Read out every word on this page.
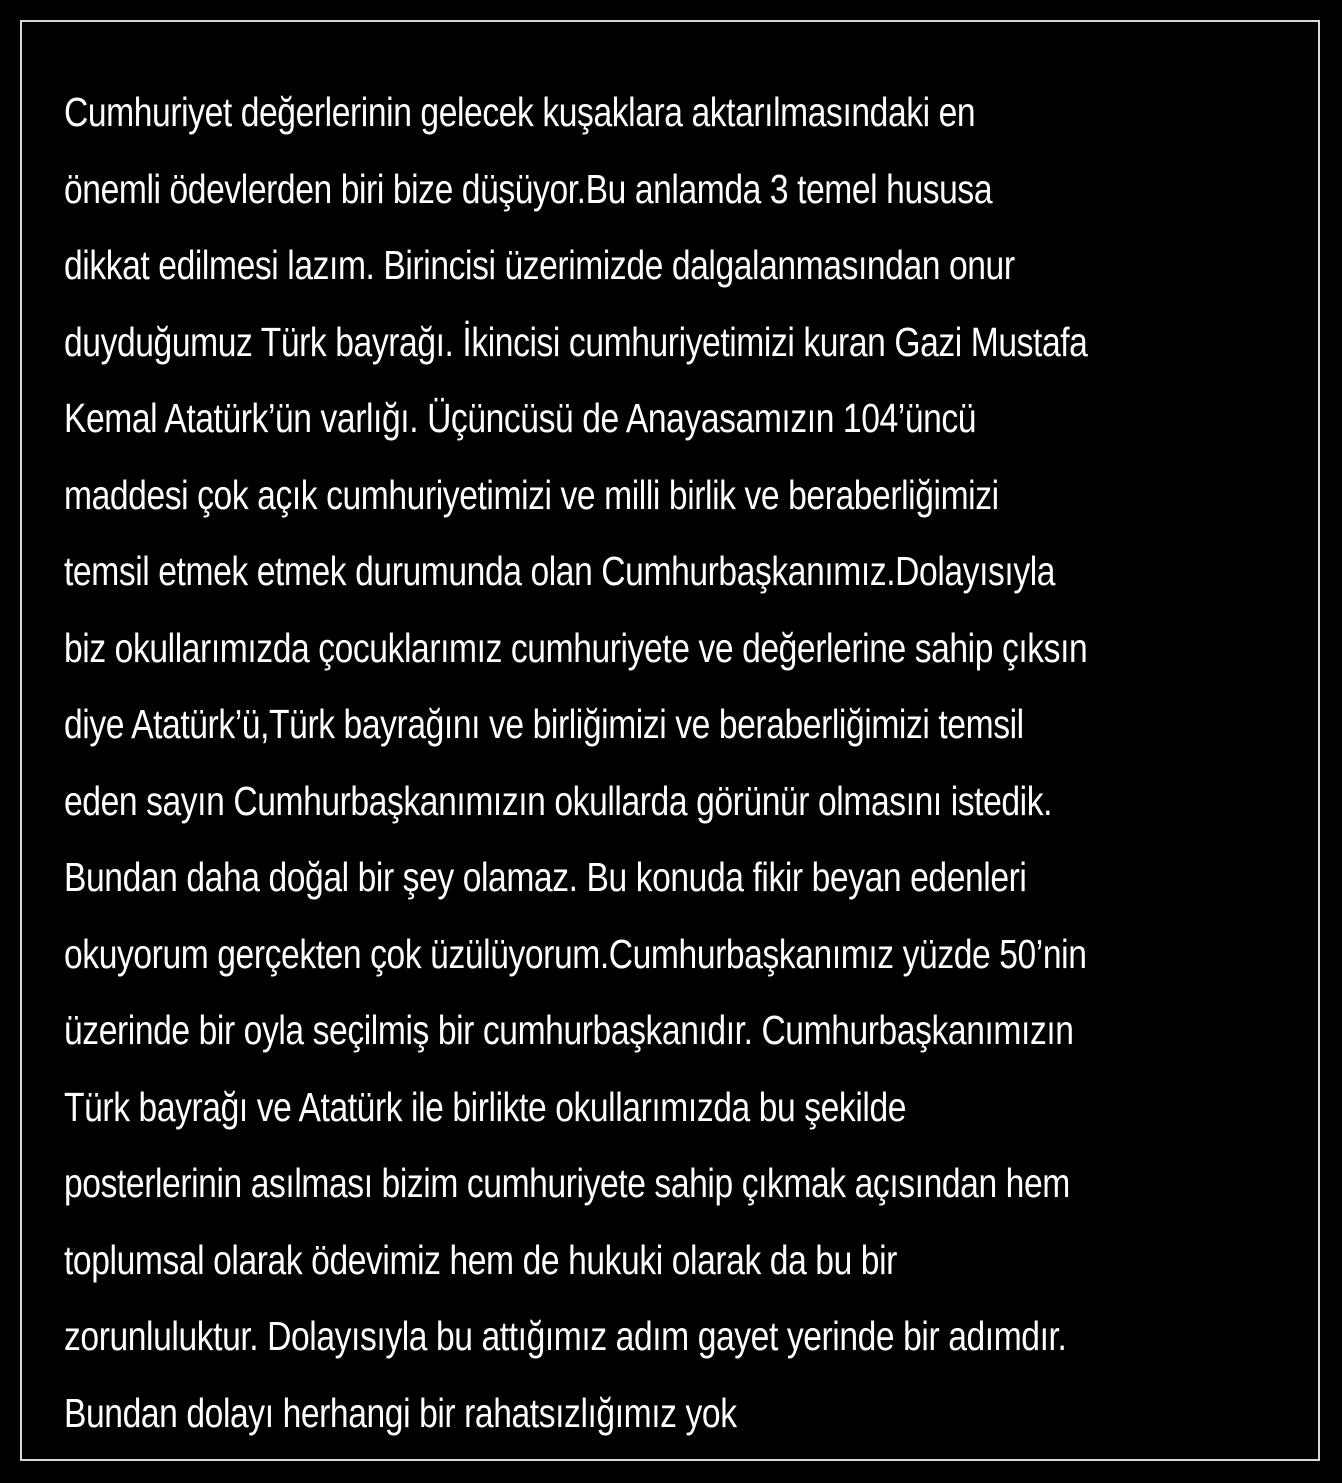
Cumhuriyet değerlerinin gelecek kuşaklara aktarılmasındaki en
önemli ödevlerden biri bize düşüyor.Bu anlamda 3 temel hususa
dikkat edilmesi lazım. Birincisi üzerimizde dalgalanmasından onur
duyduğumuz Türk bayrağı. İkincisi cumhuriyetimizi kuran Gazi Mustafa
Kemal Atatürk’ün varlığı. Üçüncüsü de Anayasamızın 104’üncü
maddesi çok açık cumhuriyetimizi ve milli birlik ve beraberliğimizi
temsil etmek etmek durumunda olan Cumhurbaşkanımız.Dolayısıyla
biz okullarımızda çocuklarımız cumhuriyete ve değerlerine sahip çıksın
diye Atatürk’ü,Türk bayrağını ve birliğimizi ve beraberliğimizi temsil
eden sayın Cumhurbaşkanımızın okullarda görünür olmasını istedik.
Bundan daha doğal bir şey olamaz. Bu konuda fikir beyan edenleri
okuyorum gerçekten çok üzülüyorum.Cumhurbaşkanımız yüzde 50’nin
üzerinde bir oyla seçilmiş bir cumhurbaşkanıdır. Cumhurbaşkanımızın
Türk bayrağı ve Atatürk ile birlikte okullarımızda bu şekilde
posterlerinin asılması bizim cumhuriyete sahip çıkmak açısından hem
toplumsal olarak ödevimiz hem de hukuki olarak da bu bir
zorunluluktur. Dolayısıyla bu attığımız adım gayet yerinde bir adımdır.
Bundan dolayı herhangi bir rahatsızlığımız yok
